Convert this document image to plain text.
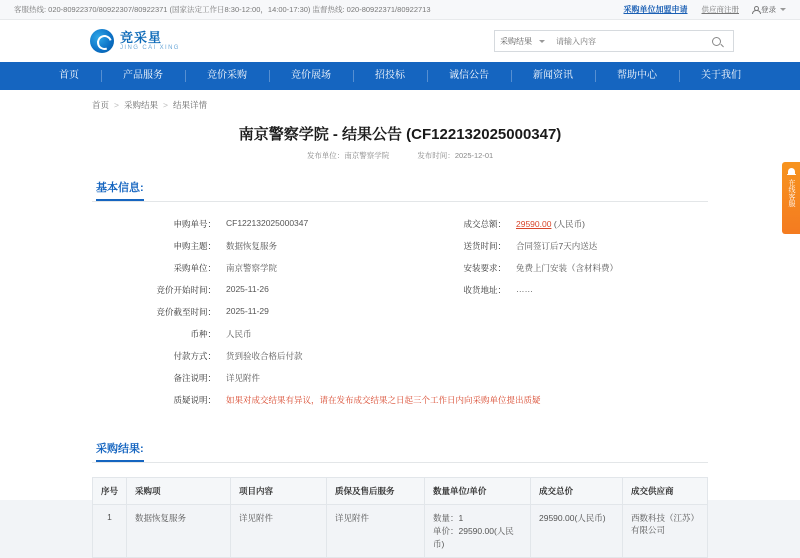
客服热线: 020-80922370/80922307/80922371 (国家法定工作日8:30-12:00，14:00-17:30) 监督热线: 020-80922371/80922713	采购单位加盟申请 供应商注册	登录
竞采星
JING CAI XING
采购结果
请输入内容
首页	产品服务	竞价采购	竞价展场	招投标	诚信公告	新闻资讯	帮助中心	关于我们
首页 > 采购结果 > 结果详情
南京警察学院 - 结果公告 (CF122132025000347)
发布单位：南京警察学院	发布时间：2025-12-01
基本信息:
申购单号：	CF122132025000347	成交总额：	29590.00 (人民币)
申购主题：	数据恢复服务	送货时间：	合同签订后7天内送达
采购单位：	南京警察学院	安装要求：	免费上门安装（含材料费）
竞价开始时间：	2025-11-26	收货地址：	……
竞价截至时间：	2025-11-29
币种：	人民币
付款方式：	货到验收合格后付款
备注说明：	详见附件
质疑说明：	如果对成交结果有异议，请在发布成交结果之日起三个工作日内向采购单位提出质疑
采购结果:
序号	采购项	项目内容	质保及售后服务	数量单位/单价	成交总价	成交供应商
1	数据恢复服务	详见附件	详见附件	数量：1
单价：29590.00(人民币)	29590.00(人民币)	西数科技（江苏）有限公司
在线客服
